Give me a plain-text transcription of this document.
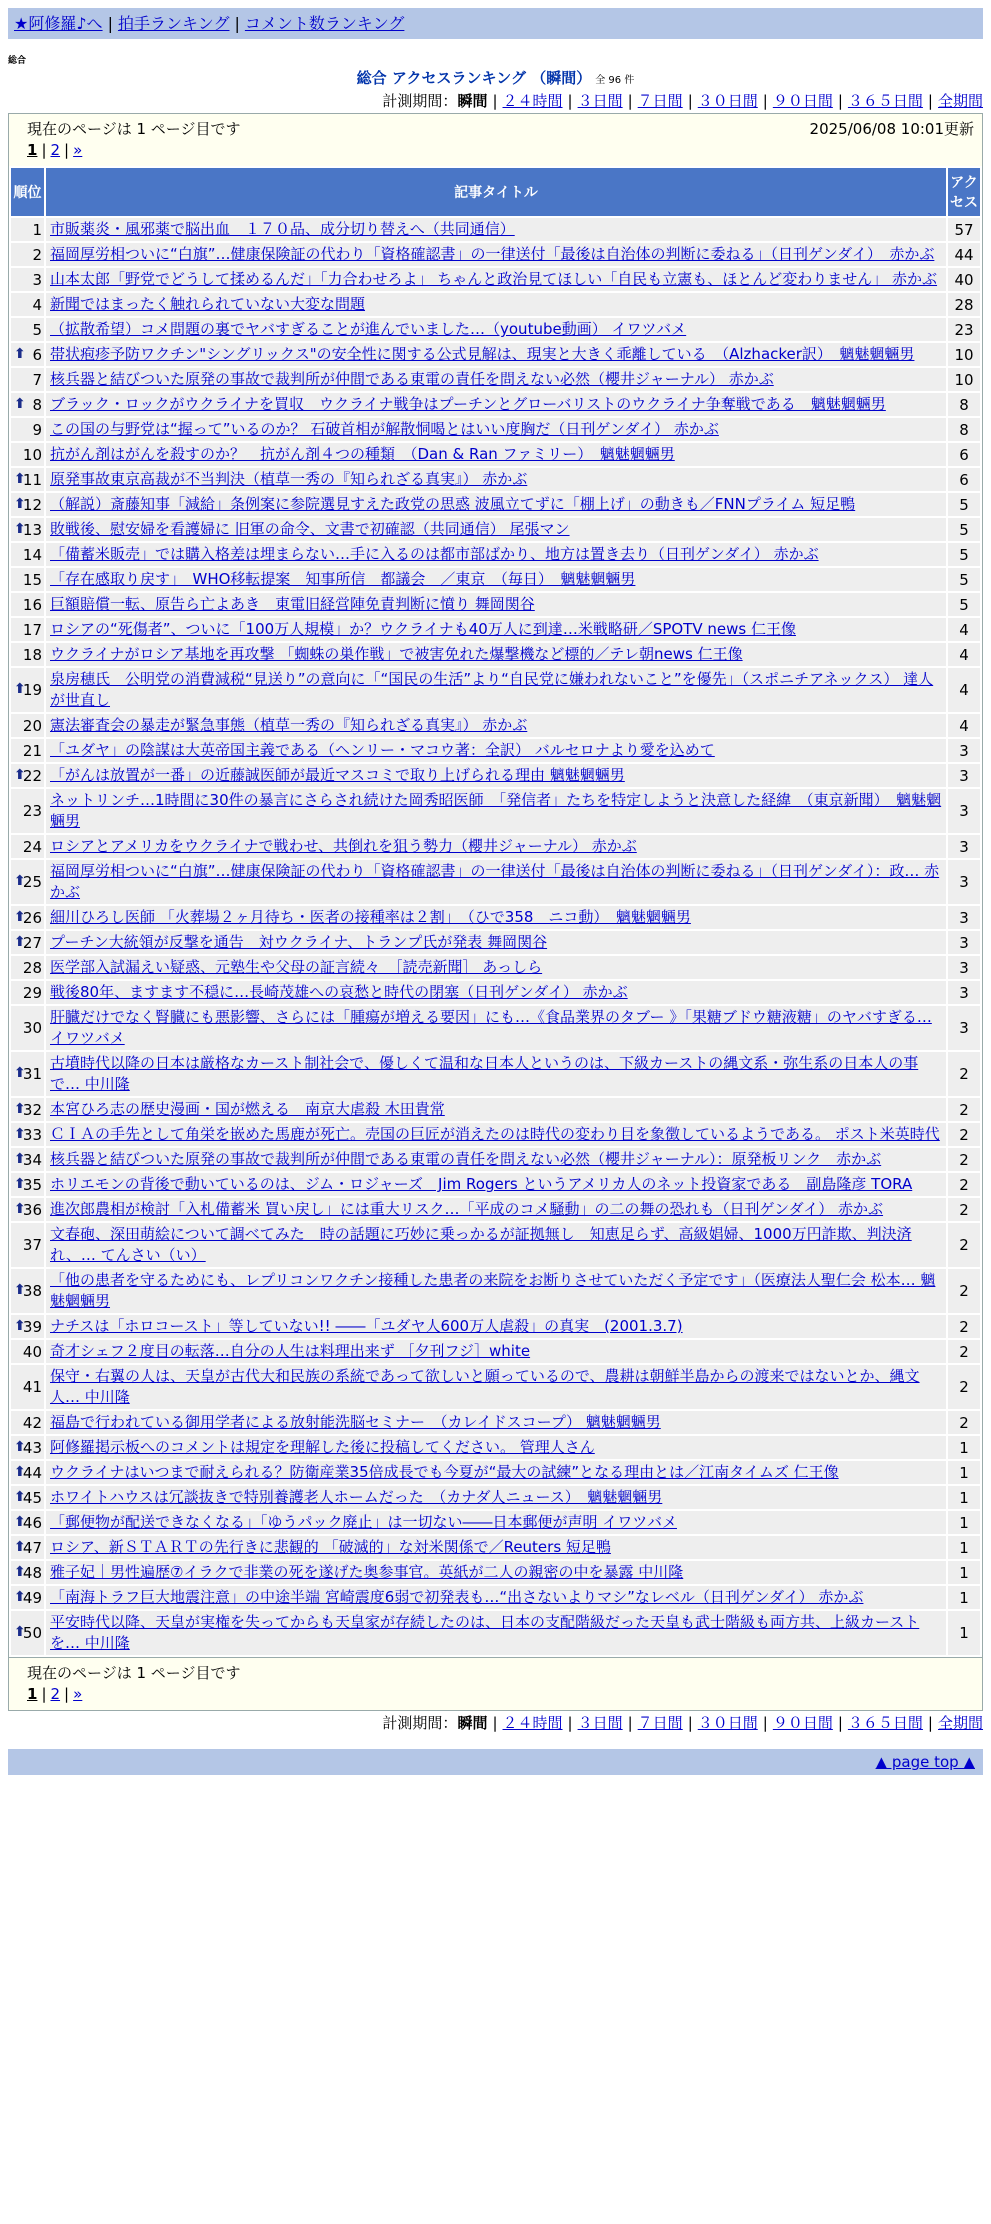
★阿修羅♪へ | 拍手ランキング | コメント数ランキング
総合
総合 アクセスランキング （瞬間） 全 96 件
計測期間：瞬間 | ２４時間 | ３日間 | ７日間 | ３０日間 | ９０日間 | ３６５日間 | 全期間
現在のページは 1 ページ目です	2025/06/08 10:01更新
1 | 2 | »
順位	記事タイトル	アクセス
1	市販薬炎・風邪薬で脳出血　１７０品、成分切り替えへ（共同通信）	57
2	福岡厚労相ついに“白旗”…健康保険証の代わり「資格確認書」の一律送付「最後は自治体の判断に委ねる」（日刊ゲンダイ）　赤かぶ	44
3	山本太郎「野党でどうして揉めるんだ」「力合わせろよ」 ちゃんと政治見てほしい「自民も立憲も、ほとんど変わりません」 赤かぶ	40
4	新聞ではまったく触れられていない大変な問題	28
5	（拡散希望）コメ問題の裏でヤバすぎることが進んでいました…（youtube動画） イワツバメ	23

⬆ 6	帯状疱疹予防ワクチン"シングリックス"の安全性に関する公式見解は、現実と大きく乖離している　（Alzhacker訳）　魑魅魍魎男	10
7	核兵器と結びついた原発の事故で裁判所が仲間である東電の責任を問えない必然（櫻井ジャーナル） 赤かぶ	10

⬆ 8	ブラック・ロックがウクライナを買収　ウクライナ戦争はプーチンとグローバリストのウクライナ争奪戦である　魑魅魍魎男	8
9	この国の与野党は“握って”いるのか？ 石破首相が解散恫喝とはいい度胸だ（日刊ゲンダイ） 赤かぶ	8
10	抗がん剤はがんを殺すのか？　抗がん剤４つの種類　（Dan & Ran ファミリー）　魑魅魍魎男	6

⬆
11	原発事故東京高裁が不当判決（植草一秀の『知られざる真実』） 赤かぶ	6

⬆
12	（解説）斎藤知事「減給」条例案に参院選見すえた政党の思惑 波風立てずに「棚上げ」の動きも／FNNプライム 短足鴨	5

⬆
13	敗戦後、慰安婦を看護婦に 旧軍の命令、文書で初確認（共同通信） 尾張マン	5
14	「備蓄米販売」では購入格差は埋まらない…手に入るのは都市部ばかり、地方は置き去り（日刊ゲンダイ） 赤かぶ	5
15	「存在感取り戻す」　WHO移転提案　知事所信　都議会　／東京　（毎日）　魑魅魍魎男	5
16	巨額賠償一転、原告ら亡よあき　東電旧経営陣免責判断に憤り 舞岡関谷	5
17	ロシアの“死傷者”、ついに「100万人規模」か？ウクライナも40万人に到達…米戦略研／SPOTV news 仁王像	4
18	ウクライナがロシア基地を再攻撃 「蜘蛛の巣作戦」で被害免れた爆撃機など標的／テレ朝news 仁王像	4

⬆
19	泉房穂氏　公明党の消費減税“見送り”の意向に「“国民の生活”より“自民党に嫌われないこと”を優先」（スポニチアネックス） 達人が世直し	4
20	憲法審査会の暴走が緊急事態（植草一秀の『知られざる真実』） 赤かぶ	4
21	「ユダヤ」の陰謀は大英帝国主義である（ヘンリー・マコウ著：全訳） バルセロナより愛を込めて	3

⬆
22	「がんは放置が一番」の近藤誠医師が最近マスコミで取り上げられる理由 魑魅魍魎男	3
23	ネットリンチ…1時間に30件の暴言にさらされ続けた岡秀昭医師　「発信者」たちを特定しようと決意した経緯　（東京新聞）　魑魅魍魎男	3
24	ロシアとアメリカをウクライナで戦わせ、共倒れを狙う勢力（櫻井ジャーナル） 赤かぶ	3

⬆
25	福岡厚労相ついに“白旗”…健康保険証の代わり「資格確認書」の一律送付「最後は自治体の判断に委ねる」（日刊ゲンダイ）：政… 赤かぶ	3

⬆
26	細川ひろし医師 「火葬場２ヶ月待ち・医者の接種率は２割」　（ひで358　ニコ動）　魑魅魍魎男	3

⬆
27	プーチン大統領が反撃を通告　対ウクライナ、トランプ氏が発表 舞岡関谷	3
28	医学部入試漏えい疑惑、元塾生や父母の証言続々　［読売新聞］ あっしら	3
29	戦後80年、ますます不穏に…長崎茂雄への哀愁と時代の閉塞（日刊ゲンダイ） 赤かぶ	3
30	肝臓だけでなく腎臓にも悪影響、さらには「腫瘍が増える要因」にも…《食品業界のタブー 》「果糖ブドウ糖液糖」のヤバすぎる… イワツバメ	3

⬆
31	古墳時代以降の日本は厳格なカースト制社会で、優しくて温和な日本人というのは、下級カーストの縄文系・弥生系の日本人の事で… 中川隆	2

⬆
32	本宮ひろ志の歴史漫画・国が燃える　南京大虐殺 木田貴常	2

⬆
33	ＣＩＡの手先として角栄を嵌めた馬鹿が死亡。売国の巨匠が消えたのは時代の変わり目を象徴しているようである。 ポスト米英時代	2

⬆
34	核兵器と結びついた原発の事故で裁判所が仲間である東電の責任を問えない必然（櫻井ジャーナル）：原発板リンク　赤かぶ	2

⬆
35	ホリエモンの背後で動いているのは、ジム・ロジャーズ　Jim Rogers というアメリカ人のネット投資家である　副島隆彦 TORA	2

⬆
36	進次郎農相が検討「入札備蓄米 買い戻し」には重大リスク…「平成のコメ騒動」の二の舞の恐れも（日刊ゲンダイ） 赤かぶ	2
37	文春砲、深田萌絵について調べてみた　時の話題に巧妙に乗っかるが証拠無し　知恵足らず、高級娼婦、1000万円詐欺、判決済れ、… てんさい（い）	2

⬆
38	「他の患者を守るためにも、レプリコンワクチン接種した患者の来院をお断りさせていただく予定です」（医療法人聖仁会 松本… 魑魅魍魎男	2

⬆
39	ナチスは「ホロコースト」等していない!! ――「ユダヤ人600万人虐殺」の真実　(2001.3.7)	2
40	奇才シェフ２度目の転落…自分の人生は料理出来ず ［夕刊フジ］white	2
41	保守・右翼の人は、天皇が古代大和民族の系統であって欲しいと願っているので、農耕は朝鮮半島からの渡来ではないとか、縄文人… 中川隆	2
42	福島で行われている御用学者による放射能洗脳セミナー　（カレイドスコープ） 魑魅魍魎男	2

⬆
43	阿修羅掲示板へのコメントは規定を理解した後に投稿してください。 管理人さん	1

⬆
44	ウクライナはいつまで耐えられる？防衛産業35倍成長でも今夏が“最大の試練”となる理由とは／江南タイムズ 仁王像	1

⬆
45	ホワイトハウスは冗談抜きで特別養護老人ホームだった　（カナダ人ニュース）　魑魅魍魎男	1

⬆
46	「郵便物が配送できなくなる」「ゆうパック廃止」は一切ない――日本郵便が声明 イワツバメ	1

⬆
47	ロシア、新ＳＴＡＲＴの先行きに悲観的 「破滅的」な対米関係で／Reuters 短足鴨	1

⬆
48	雅子妃｜男性遍歴⑦イラクで非業の死を遂げた奥参事官。英紙が二人の親密の中を暴露 中川隆	1

⬆
49	「南海トラフ巨大地震注意」の中途半端 宮崎震度6弱で初発表も…“出さないよりマシ”なレベル（日刊ゲンダイ） 赤かぶ	1

⬆
50	平安時代以降、天皇が実権を失ってからも天皇家が存続したのは、日本の支配階級だった天皇も武士階級も両方共、上級カーストを… 中川隆	1
現在のページは 1 ページ目です
1 | 2 | »
計測期間：瞬間 | ２４時間 | ３日間 | ７日間 | ３０日間 | ９０日間 | ３６５日間 | 全期間
▲ page top ▲
